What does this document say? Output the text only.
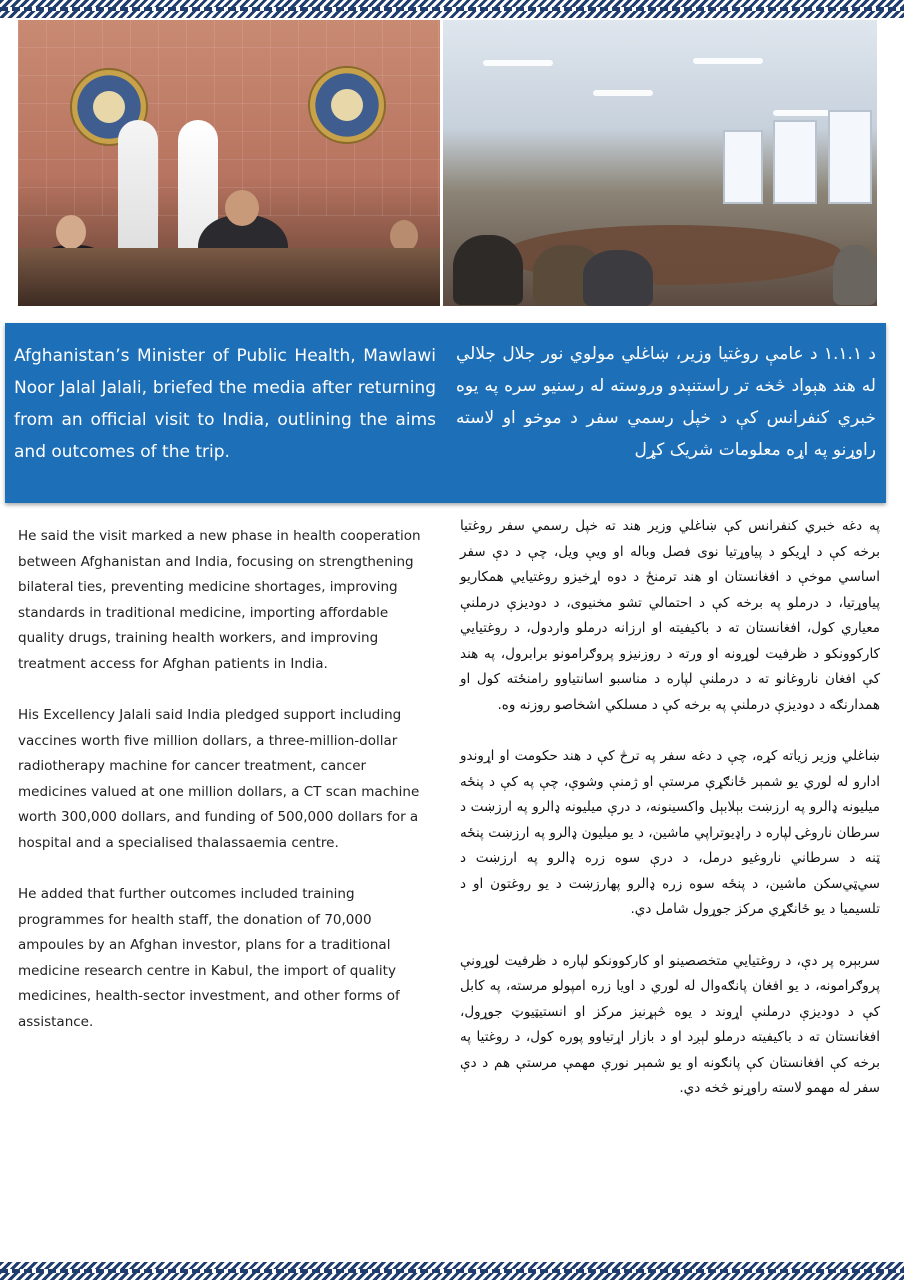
Afghanistan’s Minister of Public Health, Mawlawi Noor Jalal Jalali, briefed the media after returning from an official visit to India, outlining the aims and outcomes of the trip.

د ۱.۱.۱ د عامې روغتيا وزير، ښاغلي مولوي نور جلال جلالي له هند هېواد څخه تر راستنېدو وروسته له رسنيو سره په يوه خبري کنفرانس کې د خپل رسمي سفر د موخو او لاسته راوړنو په اړه معلومات شريک کړل

He said the visit marked a new phase in health cooperation between Afghanistan and India, focusing on strengthening bilateral ties, preventing medicine shortages, improving standards in traditional medicine, importing affordable quality drugs, training health workers, and improving treatment access for Afghan patients in India.

His Excellency Jalali said India pledged support including vaccines worth five million dollars, a three-million-dollar radiotherapy machine for cancer treatment, cancer medicines valued at one million dollars, a CT scan machine worth 300,000 dollars, and funding of 500,000 dollars for a hospital and a specialised thalassaemia centre.

He added that further outcomes included training programmes for health staff, the donation of 70,000 ampoules by an Afghan investor, plans for a traditional medicine research centre in Kabul, the import of quality medicines, health-sector investment, and other forms of assistance.

په دغه خبري کنفرانس کې ښاغلي وزير هند ته خپل رسمي سفر روغتيا برخه کې د اړيکو د پياوړتيا نوی فصل وباله او ويې ويل، چې د دې سفر اساسي موخې د افغانستان او هند ترمنځ د دوه اړخيزو روغتيايي همکاريو پياوړتيا، د درملو په برخه کې د احتمالي تشو مخنيوی، د دوديزې درملنې معياري کول، افغانستان ته د باکيفيته او ارزانه درملو واردول، د روغتيايي کارکوونکو د ظرفيت لوړونه او ورته د روزنيزو پروګرامونو برابرول، په هند کې افغان ناروغانو ته د درملنې لپاره د مناسبو اسانتياوو رامنځته کول او همدارنګه د دوديزې درملنې په برخه کې د مسلکي اشخاصو روزنه وه.

ښاغلي وزير زياته کړه، چې د دغه سفر په ترڅ کې د هند حکومت او اړوندو ادارو له لوري يو شمېر ځانګړې مرستې او ژمنې وشوې، چې په کې د پنځه ميليونه ډالرو په ارزښت بېلابېل واکسينونه، د درې ميليونه ډالرو په ارزښت د سرطان ناروغۍ لپاره د راډيوتراپي ماشين، د يو ميليون ډالرو په ارزښت پنځه ټنه د سرطاني ناروغيو درمل، د درې سوه زره ډالرو په ارزښت د سي‌ټي‌سکن ماشين، د پنځه سوه زره ډالرو پهارزښت د يو روغتون او د تلسيميا د يو ځانګړي مرکز جوړول شامل دي.

سربېره پر دې، د روغتيايي متخصصينو او کارکوونکو لپاره د ظرفيت لوړونې پروګرامونه، د يو افغان پانګه‌وال له لوري د اويا زره امپولو مرسته، په کابل کې د دوديزې درملنې اړوند د يوه څېړنيز مرکز او انستيټيوټ جوړول، افغانستان ته د باکيفيته درملو لېږد او د بازار اړتياوو پوره کول، د روغتيا په برخه کې افغانستان کې پانګونه او يو شمېر نورې مهمې مرستې هم د دې سفر له مهمو لاسته راوړنو څخه دي.
